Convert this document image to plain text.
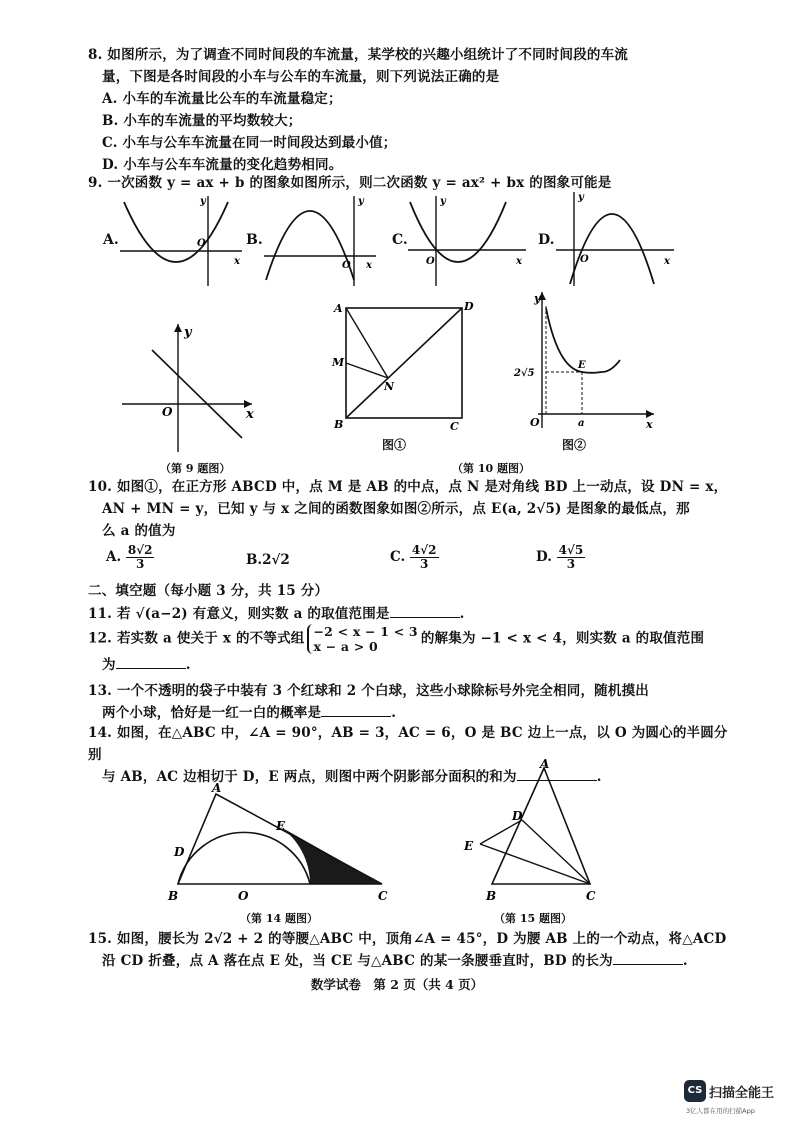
8. 如图所示，为了调查不同时间段的车流量，某学校的兴趣小组统计了不同时间段的车流
量，下图是各时间段的小车与公车的车流量，则下列说法正确的是
A. 小车的车流量比公车的车流量稳定；
B. 小车的车流量的平均数较大；
C. 小车与公车车流量在同一时间段达到最小值；
D. 小车与公车车流量的变化趋势相同。
9. 一次函数 y = ax + b 的图象如图所示，则二次函数 y = ax² + bx 的图象可能是
A.
x
y
O	B.
x
y
O
C.
x
y
O
D.
x
y
O
x
y
O
（第 9 题图）
A	D
B	C
M
N
图①
y
x
O
2√5
a
E
图②
（第 10 题图）
10. 如图①，在正方形 ABCD 中，点 M 是 AB 的中点，点 N 是对角线 BD 上一动点，设 DN = x，
AN + MN = y，已知 y 与 x 之间的函数图象如图②所示，点 E(a, 2√5) 是图象的最低点，那
么 a 的值为
A. $\frac{8√2}{3}$	B.2√2	C. $\frac{4√2}{3}$	D. $\frac{4√5}{3}$
二、填空题（每小题 3 分，共 15 分）
11. 若 √(a−2) 有意义，则实数 a 的取值范围是	.
12. 若实数 a 使关于 x 的不等式组 −2 < x − 1 < 3
x − a > 0	的解集为 −1 < x < 4，则实数 a 的取值范围
为	.
13. 一个不透明的袋子中装有 3 个红球和 2 个白球，这些小球除标号外完全相同，随机摸出
两个小球，恰好是一红一白的概率是	.
14. 如图，在△ABC 中，∠A = 90°，AB = 3，AC = 6，O 是 BC 边上一点，以 O 为圆心的半圆分别
与 AB，AC 边相切于 D，E 两点，则图中两个阴影部分面积的和为	.
A
B	C
D
E
O
（第 14 题图）
A
B	C
D
E
（第 15 题图）
15. 如图，腰长为 2√2 + 2 的等腰△ABC 中，顶角∠A = 45°，D 为腰 AB 上的一个动点，将△ACD
沿 CD 折叠，点 A 落在点 E 处，当 CE 与△ABC 的某一条腰垂直时，BD 的长为	.
数学试卷　第 2 页（共 4 页）
CS 扫描全能王
3亿人都在用的扫描App
